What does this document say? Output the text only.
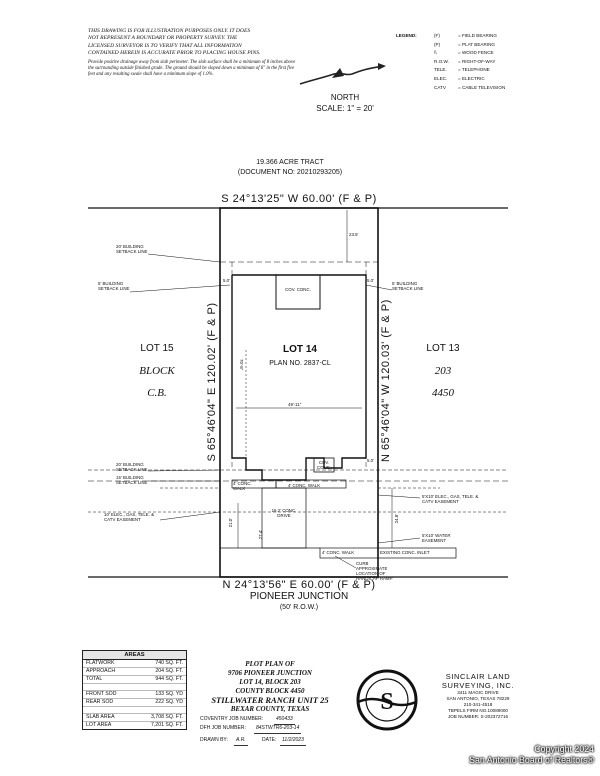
THIS DRAWING IS FOR ILLUSTRATION PURPOSES ONLY. IT DOES
NOT REPRESENT A BOUNDARY OR PROPERTY SURVEY. THE
LICENSED SURVEYOR IS TO VERIFY THAT ALL INFORMATION
CONTAINED HEREIN IS ACCURATE PRIOR TO PLACING HOUSE PINS.
Provide positive drainage away from slab perimeter. The slab surface shall be a minimum of 8 inches above the surrounding outside finished grade. The ground should be sloped down a minimum of 6" in the first five feet and any resulting swale shall have a minimum slope of 1.0%.
LEGEND:	(F)	= FIELD BEARING
(P)	= PLAT BEARING
\\	= WOOD FENCE
R.O.W. = RIGHT-OF-WAY
TELE. = TELEPHONE
ELEC. = ELECTRIC
CATV	= CABLE TELEVISION
NORTH
SCALE: 1" = 20'
19.366 ACRE TRACT
(DOCUMENT NO: 20210293205)
S 24°13'25" W 60.00' (F & P)
N 24°13'56" E 60.00' (F & P)
PIONEER JUNCTION
(50' R.O.W.)
S 65°46'04" E 120.02' (F & P)	N 65°46'04" W 120.03' (F & P)
LOT 14
PLAN NO. 2837-CL
LOT 15
BLOCK
C.B.
LOT 13
203
4450
20' BUILDING SETBACK LINE
5' BUILDING SETBACK LINE
5' BUILDING SETBACK LINE
20' BUILDING SETBACK LINE
15' BUILDING SETBACK LINE
10' ELEC., GAS, TELE. & CATV EASEMENT
5'X10' ELEC., GAS, TELE. & CATV EASEMENT
5'X10' WATER EASEMENT
COV. CONC.
COV. CONC.
4' CONC. WALK
4' CONC. WALK
4' CONC. WALK
16.2' CONC. DRIVE
EXISTING CONC. INLET
CURB
APPROXIMATE LOCATION OF HANDICAP RAMP
23.5'
5.0'	5.0'
5.0'
49'-11"
70'-5"
21.0'
27.4'
24.8'
AREAS
FLATWORK	740 SQ. FT.
APPROACH	204 SQ. FT.
TOTAL	944 SQ. FT.
FRONT SOD	133 SQ. YD
REAR SOD	222 SQ. YD
SLAB AREA	3,708 SQ. FT.
LOT AREA	7,201 SQ. FT.
PLOT PLAN OF
9706 PIONEER JUNCTION
LOT 14, BLOCK 203
COUNTY BLOCK 4450
STILLWATER RANCH UNIT 25
BEXAR COUNTY, TEXAS
COVENTRY JOB NUMBER:	450433
DFH JOB NUMBER:	84STWTR6-203-14
DRAWN BY:	A.R.	DATE:	11/2/2023
S
SINCLAIR LAND
SURVEYING, INC.
3411 MAGIC DRIVE
SAN ANTONIO, TEXAS 78229
210-341-4518
TBPELS FIRM NO.10089000
JOB NUMBER: S-202372716
Copyright 2024
San Antonio Board of Realtors®
